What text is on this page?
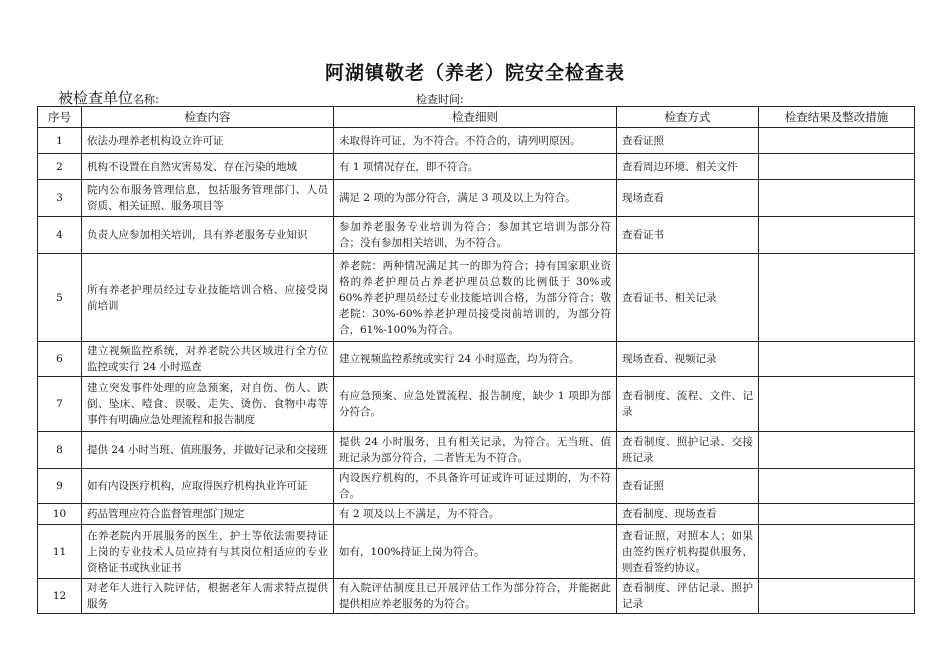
阿湖镇敬老（养老）院安全检查表
被检查单位名称:	检查时间:
序号	检查内容	检查细则	检查方式	检查结果及整改措施
1	依法办理养老机构设立许可证	未取得许可证，为不符合。不符合的，请列明原因。	查看证照	
2	机构不设置在自然灾害易发、存在污染的地域	有 1 项情况存在，即不符合。	查看周边环境、相关文件	
3	院内公布服务管理信息，包括服务管理部门、人员资质、相关证照、服务项目等	满足 2 项的为部分符合，满足 3 项及以上为符合。	现场查看	
4	负责人应参加相关培训，具有养老服务专业知识	参加养老服务专业培训为符合；参加其它培训为部分符合；没有参加相关培训，为不符合。	查看证书	
5	所有养老护理员经过专业技能培训合格、应接受岗前培训	养老院：两种情况满足其一的即为符合；持有国家职业资格的养老护理员占养老护理员总数的比例低于 30%或 60%养老护理员经过专业技能培训合格，为部分符合；敬老院：30%-60%养老护理员接受岗前培训的，为部分符合，61%-100%为符合。	查看证书、相关记录	
6	建立视频监控系统，对养老院公共区域进行全方位监控或实行 24 小时巡查	建立视频监控系统或实行 24 小时巡查，均为符合。	现场查看、视频记录	
7	建立突发事件处理的应急预案，对自伤、伤人、跌倒、坠床、噎食、误吸、走失、烫伤、食物中毒等事件有明确应急处理流程和报告制度	有应急预案、应急处置流程、报告制度，缺少 1 项即为部分符合。	查看制度、流程、文件、记录	
8	提供 24 小时当班、值班服务，并做好记录和交接班	提供 24 小时服务，且有相关记录，为符合。无当班、值班记录为部分符合，二者皆无为不符合。	查看制度、照护记录、交接班记录	
9	如有内设医疗机构，应取得医疗机构执业许可证	内设医疗机构的，不具备许可证或许可证过期的，为不符合。	查看证照	
10	药品管理应符合监督管理部门规定	有 2 项及以上不满足，为不符合。	查看制度、现场查看	
11	在养老院内开展服务的医生、护士等依法需要持证上岗的专业技术人员应持有与其岗位相适应的专业资格证书或执业证书	如有，100%持证上岗为符合。	查看证照，对照本人；如果由签约医疗机构提供服务，则查看签约协议。	
12	对老年人进行入院评估，根据老年人需求特点提供服务	有入院评估制度且已开展评估工作为部分符合，并能据此提供相应养老服务的为符合。	查看制度、评估记录、照护记录	
